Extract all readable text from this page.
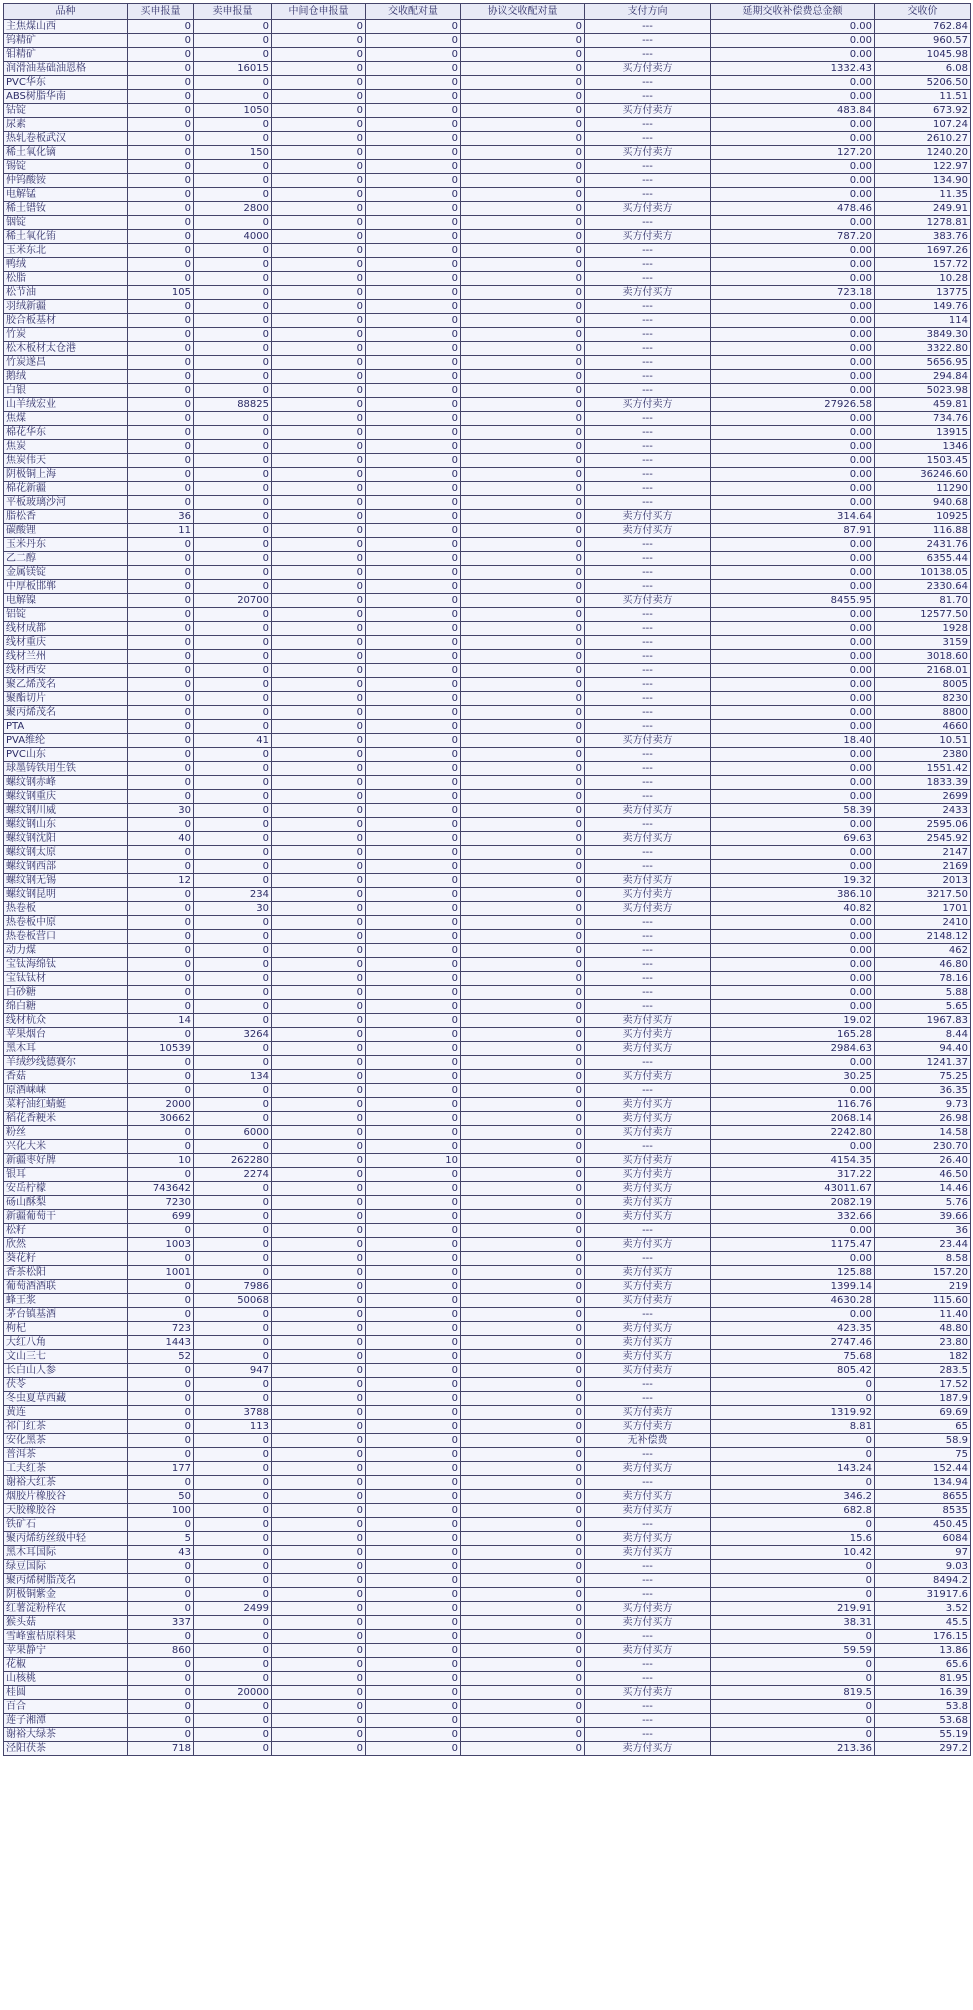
品种	买申报量	卖申报量	中间仓申报量	交收配对量	协议交收配对量	支付方向	延期交收补偿费总金额	交收价
主焦煤山西	0	0	0	0	0	---	0.00	762.84
钨精矿	0	0	0	0	0	---	0.00	960.57
钼精矿	0	0	0	0	0	---	0.00	1045.98
润滑油基础油恩格	0	16015	0	0	0	买方付卖方	1332.43	6.08
PVC华东	0	0	0	0	0	---	0.00	5206.50
ABS树脂华南	0	0	0	0	0	---	0.00	11.51
钴锭	0	1050	0	0	0	买方付卖方	483.84	673.92
尿素	0	0	0	0	0	---	0.00	107.24
热轧卷板武汉	0	0	0	0	0	---	0.00	2610.27
稀土氧化镝	0	150	0	0	0	买方付卖方	127.20	1240.20
锡锭	0	0	0	0	0	---	0.00	122.97
仲钨酸铵	0	0	0	0	0	---	0.00	134.90
电解锰	0	0	0	0	0	---	0.00	11.35
稀土镨钕	0	2800	0	0	0	买方付卖方	478.46	249.91
铟锭	0	0	0	0	0	---	0.00	1278.81
稀土氧化铕	0	4000	0	0	0	买方付卖方	787.20	383.76
玉米东北	0	0	0	0	0	---	0.00	1697.26
鸭绒	0	0	0	0	0	---	0.00	157.72
松脂	0	0	0	0	0	---	0.00	10.28
松节油	105	0	0	0	0	卖方付买方	723.18	13775
羽绒新疆	0	0	0	0	0	---	0.00	149.76
胶合板基材	0	0	0	0	0	---	0.00	114
竹炭	0	0	0	0	0	---	0.00	3849.30
松木板材太仓港	0	0	0	0	0	---	0.00	3322.80
竹炭遂昌	0	0	0	0	0	---	0.00	5656.95
鹅绒	0	0	0	0	0	---	0.00	294.84
白银	0	0	0	0	0	---	0.00	5023.98
山羊绒宏业	0	88825	0	0	0	买方付卖方	27926.58	459.81
焦煤	0	0	0	0	0	---	0.00	734.76
棉花华东	0	0	0	0	0	---	0.00	13915
焦炭	0	0	0	0	0	---	0.00	1346
焦炭伟天	0	0	0	0	0	---	0.00	1503.45
阴极铜上海	0	0	0	0	0	---	0.00	36246.60
棉花新疆	0	0	0	0	0	---	0.00	11290
平板玻璃沙河	0	0	0	0	0	---	0.00	940.68
脂松香	36	0	0	0	0	卖方付买方	314.64	10925
碳酸锂	11	0	0	0	0	卖方付买方	87.91	116.88
玉米丹东	0	0	0	0	0	---	0.00	2431.76
乙二醇	0	0	0	0	0	---	0.00	6355.44
金属镁锭	0	0	0	0	0	---	0.00	10138.05
中厚板邯郸	0	0	0	0	0	---	0.00	2330.64
电解镍	0	20700	0	0	0	买方付卖方	8455.95	81.70
铝锭	0	0	0	0	0	---	0.00	12577.50
线材成都	0	0	0	0	0	---	0.00	1928
线材重庆	0	0	0	0	0	---	0.00	3159
线材兰州	0	0	0	0	0	---	0.00	3018.60
线材西安	0	0	0	0	0	---	0.00	2168.01
聚乙烯茂名	0	0	0	0	0	---	0.00	8005
聚酯切片	0	0	0	0	0	---	0.00	8230
聚丙烯茂名	0	0	0	0	0	---	0.00	8800
PTA	0	0	0	0	0	---	0.00	4660
PVA维纶	0	41	0	0	0	买方付卖方	18.40	10.51
PVC山东	0	0	0	0	0	---	0.00	2380
球墨铸铁用生铁	0	0	0	0	0	---	0.00	1551.42
螺纹钢赤峰	0	0	0	0	0	---	0.00	1833.39
螺纹钢重庆	0	0	0	0	0	---	0.00	2699
螺纹钢川威	30	0	0	0	0	卖方付买方	58.39	2433
螺纹钢山东	0	0	0	0	0	---	0.00	2595.06
螺纹钢沈阳	40	0	0	0	0	卖方付买方	69.63	2545.92
螺纹钢太原	0	0	0	0	0	---	0.00	2147
螺纹钢西部	0	0	0	0	0	---	0.00	2169
螺纹钢无锡	12	0	0	0	0	卖方付买方	19.32	2013
螺纹钢昆明	0	234	0	0	0	买方付卖方	386.10	3217.50
热卷板	0	30	0	0	0	买方付卖方	40.82	1701
热卷板中原	0	0	0	0	0	---	0.00	2410
热卷板营口	0	0	0	0	0	---	0.00	2148.12
动力煤	0	0	0	0	0	---	0.00	462
宝钛海绵钛	0	0	0	0	0	---	0.00	46.80
宝钛钛材	0	0	0	0	0	---	0.00	78.16
白砂糖	0	0	0	0	0	---	0.00	5.88
绵白糖	0	0	0	0	0	---	0.00	5.65
线材杭众	14	0	0	0	0	卖方付买方	19.02	1967.83
苹果烟台	0	3264	0	0	0	买方付卖方	165.28	8.44
黑木耳	10539	0	0	0	0	卖方付买方	2984.63	94.40
羊绒纱线德賽尔	0	0	0	0	0	---	0.00	1241.37
香菇	0	134	0	0	0	买方付卖方	30.25	75.25
原酒崃崃	0	0	0	0	0	---	0.00	36.35
菜籽油红蜻蜓	2000	0	0	0	0	卖方付买方	116.76	9.73
稻花香粳米	30662	0	0	0	0	卖方付买方	2068.14	26.98
粉丝	0	6000	0	0	0	买方付卖方	2242.80	14.58
兴化大米	0	0	0	0	0	---	0.00	230.70
新疆枣好牌	10	262280	0	10	0	买方付卖方	4154.35	26.40
银耳	0	2274	0	0	0	买方付卖方	317.22	46.50
安岳柠檬	743642	0	0	0	0	卖方付买方	43011.67	14.46
砀山酥梨	7230	0	0	0	0	卖方付买方	2082.19	5.76
新疆葡萄干	699	0	0	0	0	卖方付买方	332.66	39.66
松籽	0	0	0	0	0	---	0.00	36
欣然	1003	0	0	0	0	卖方付买方	1175.47	23.44
葵花籽	0	0	0	0	0	---	0.00	8.58
香茶松阳	1001	0	0	0	0	卖方付买方	125.88	157.20
葡萄酒酒联	0	7986	0	0	0	买方付卖方	1399.14	219
蜂王浆	0	50068	0	0	0	买方付卖方	4630.28	115.60
茅台镇基酒	0	0	0	0	0	---	0.00	11.40
枸杞	723	0	0	0	0	卖方付买方	423.35	48.80
大红八角	1443	0	0	0	0	卖方付买方	2747.46	23.80
文山三七	52	0	0	0	0	卖方付买方	75.68	182
长白山人参	0	947	0	0	0	买方付卖方	805.42	283.5
茯苓	0	0	0	0	0	---	0	17.52
冬虫夏草西藏	0	0	0	0	0	---	0	187.9
黄连	0	3788	0	0	0	买方付卖方	1319.92	69.69
祁门红茶	0	113	0	0	0	买方付卖方	8.81	65
安化黑茶	0	0	0	0	0	无补偿费	0	58.9
普洱茶	0	0	0	0	0	---	0	75
工夫红茶	177	0	0	0	0	卖方付买方	143.24	152.44
谢裕大红茶	0	0	0	0	0	---	0	134.94
烟胶片橡胶谷	50	0	0	0	0	卖方付买方	346.2	8655
天胶橡胶谷	100	0	0	0	0	卖方付买方	682.8	8535
铁矿石	0	0	0	0	0	---	0	450.45
聚丙烯纺丝级中轻	5	0	0	0	0	卖方付买方	15.6	6084
黑木耳国际	43	0	0	0	0	卖方付买方	10.42	97
绿豆国际	0	0	0	0	0	---	0	9.03
聚丙烯树脂茂名	0	0	0	0	0	---	0	8494.2
阴极铜紫金	0	0	0	0	0	---	0	31917.6
红薯淀粉梓农	0	2499	0	0	0	买方付卖方	219.91	3.52
猴头菇	337	0	0	0	0	卖方付买方	38.31	45.5
雪峰蜜桔原料果	0	0	0	0	0	---	0	176.15
苹果静宁	860	0	0	0	0	卖方付买方	59.59	13.86
花椒	0	0	0	0	0	---	0	65.6
山核桃	0	0	0	0	0	---	0	81.95
桂圆	0	20000	0	0	0	买方付卖方	819.5	16.39
百合	0	0	0	0	0	---	0	53.8
莲子湘潭	0	0	0	0	0	---	0	53.68
谢裕大绿茶	0	0	0	0	0	---	0	55.19
泾阳茯茶	718	0	0	0	0	卖方付买方	213.36	297.2
